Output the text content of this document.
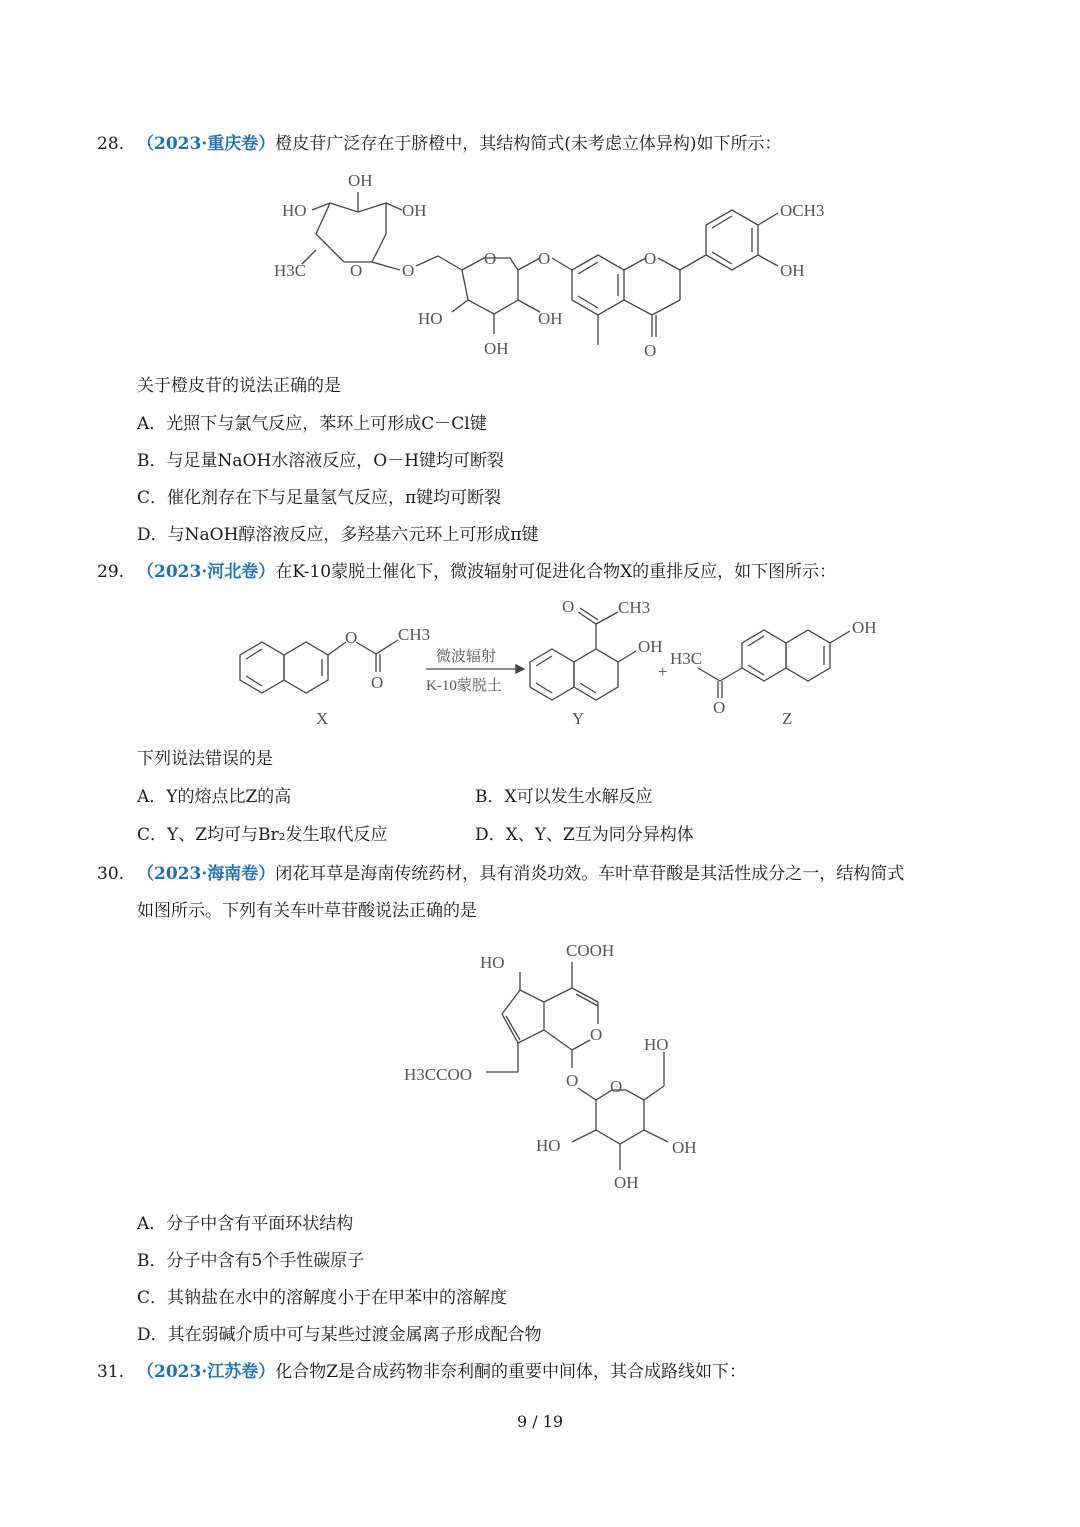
28. （2023·重庆卷）橙皮苷广泛存在于脐橙中，其结构简式(未考虑立体异构)如下所示：
OH
HO	OH
H3C	O O
O O
HO	OH
OH
O
O
OCH3
OH
关于橙皮苷的说法正确的是
A．光照下与氯气反应，苯环上可形成C－Cl键
B．与足量NaOH水溶液反应，O－H键均可断裂
C．催化剂存在下与足量氢气反应，π键均可断裂
D．与NaOH醇溶液反应，多羟基六元环上可形成π键
29. （2023·河北卷）在K-10蒙脱土催化下，微波辐射可促进化合物X的重排反应，如下图所示：
O CH3
O
X
微波辐射
K-10蒙脱土
O	CH3
OH
Y
+
H3C
O
OH
Z
下列说法错误的是
A．Y的熔点比Z的高	B．X可以发生水解反应
C．Y、Z均可与Br₂发生取代反应	D．X、Y、Z互为同分异构体
30. （2023·海南卷）闭花耳草是海南传统药材，具有消炎功效。车叶草苷酸是其活性成分之一，结构简式
如图所示。下列有关车叶草苷酸说法正确的是
HO
COOH
O
H3CCOO	O O
HO
HO	OH
OH
A．分子中含有平面环状结构
B．分子中含有5个手性碳原子
C．其钠盐在水中的溶解度小于在甲苯中的溶解度
D．其在弱碱介质中可与某些过渡金属离子形成配合物
31. （2023·江苏卷）化合物Z是合成药物非奈利酮的重要中间体，其合成路线如下：
9 / 19
